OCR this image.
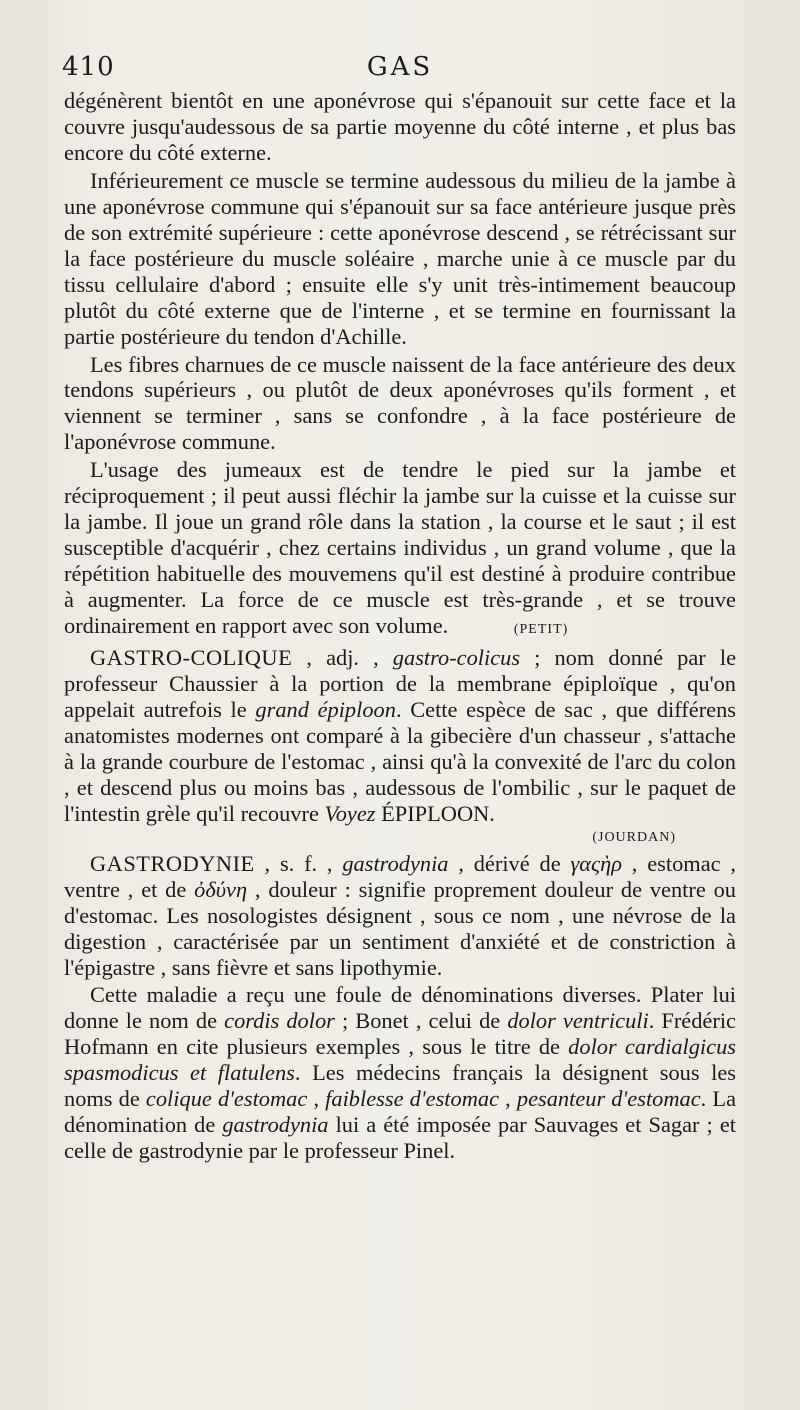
410	GAS

dégénèrent bientôt en une aponévrose qui s'épanouit sur cette face et la couvre jusqu'audessous de sa partie moyenne du côté interne , et plus bas encore du côté externe.

Inférieurement ce muscle se termine audessous du milieu de la jambe à une aponévrose commune qui s'épanouit sur sa face antérieure jusque près de son extrémité supérieure : cette aponévrose descend , se rétrécissant sur la face postérieure du muscle soléaire , marche unie à ce muscle par du tissu cellulaire d'abord ; ensuite elle s'y unit très-intimement beaucoup plutôt du côté externe que de l'interne , et se termine en fournissant la partie postérieure du tendon d'Achille.

Les fibres charnues de ce muscle naissent de la face antérieure des deux tendons supérieurs , ou plutôt de deux aponévroses qu'ils forment , et viennent se terminer , sans se confondre , à la face postérieure de l'aponévrose commune.

L'usage des jumeaux est de tendre le pied sur la jambe et réciproquement ; il peut aussi fléchir la jambe sur la cuisse et la cuisse sur la jambe. Il joue un grand rôle dans la station , la course et le saut ; il est susceptible d'acquérir , chez certains individus , un grand volume , que la répétition habituelle des mouvemens qu'il est destiné à produire contribue à augmenter. La force de ce muscle est très-grande , et se trouve ordinairement en rapport avec son volume.	(PETIT)

GASTRO-COLIQUE , adj. , gastro-colicus ; nom donné par le professeur Chaussier à la portion de la membrane épiploïque , qu'on appelait autrefois le grand épiploon. Cette espèce de sac , que différens anatomistes modernes ont comparé à la gibecière d'un chasseur , s'attache à la grande courbure de l'estomac , ainsi qu'à la convexité de l'arc du colon , et descend plus ou moins bas , audessous de l'ombilic , sur le paquet de l'intestin grèle qu'il recouvre Voyez ÉPIPLOON.

(JOURDAN)

GASTRODYNIE , s. f. , gastrodynia , dérivé de γαςὴρ , estomac , ventre , et de ὀδύνη , douleur : signifie proprement douleur de ventre ou d'estomac. Les nosologistes désignent , sous ce nom , une névrose de la digestion , caractérisée par un sentiment d'anxiété et de constriction à l'épigastre , sans fièvre et sans lipothymie.

Cette maladie a reçu une foule de dénominations diverses. Plater lui donne le nom de cordis dolor ; Bonet , celui de dolor ventriculi. Frédéric Hofmann en cite plusieurs exemples , sous le titre de dolor cardialgicus spasmodicus et flatulens. Les médecins français la désignent sous les noms de colique d'estomac , faiblesse d'estomac , pesanteur d'estomac. La dénomination de gastrodynia lui a été imposée par Sauvages et Sagar ; et celle de gastrodynie par le professeur Pinel.
